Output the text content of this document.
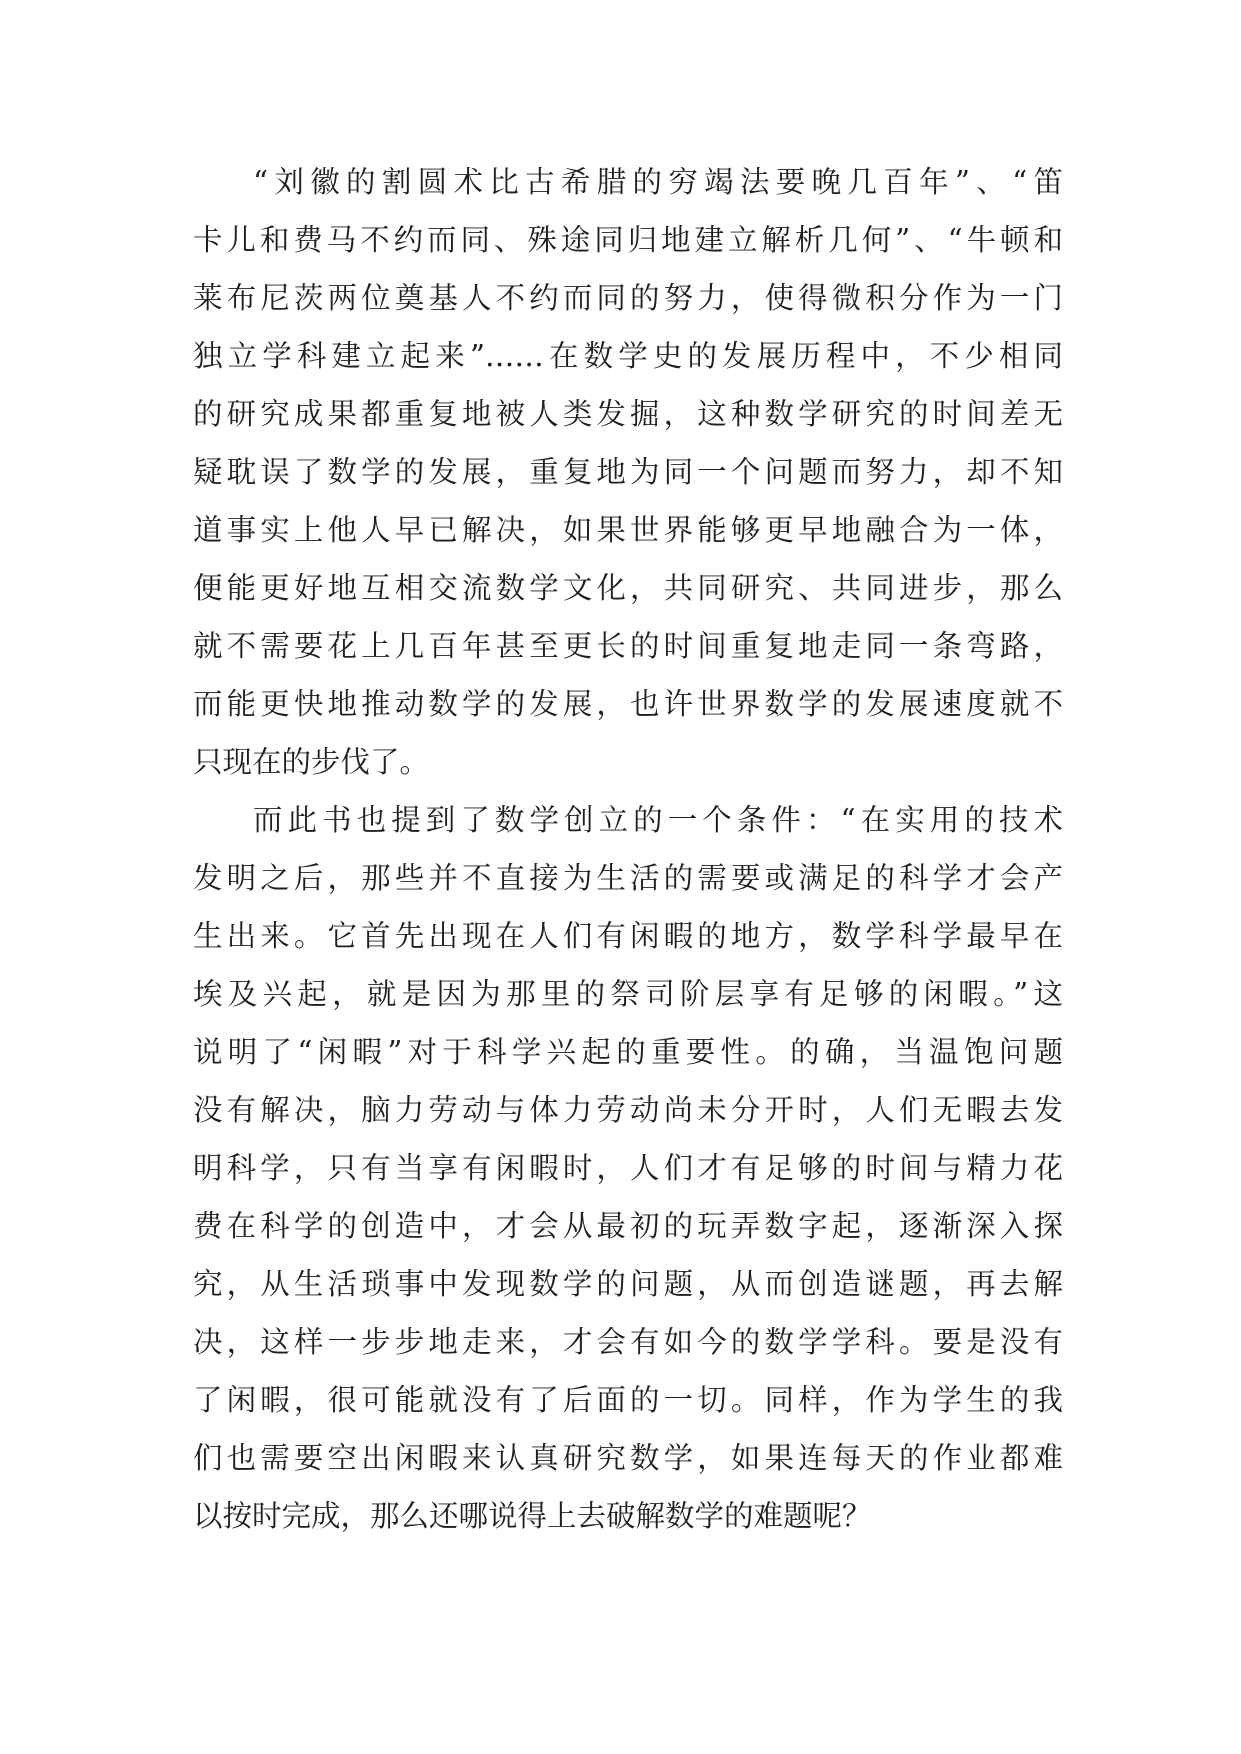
“刘徽的割圆术比古希腊的穷竭法要晚几百年”、“笛
卡儿和费马不约而同、殊途同归地建立解析几何”、“牛顿和
莱布尼茨两位奠基人不约而同的努力，使得微积分作为一门
独立学科建立起来”……在数学史的发展历程中，不少相同
的研究成果都重复地被人类发掘，这种数学研究的时间差无
疑耽误了数学的发展，重复地为同一个问题而努力，却不知
道事实上他人早已解决，如果世界能够更早地融合为一体，
便能更好地互相交流数学文化，共同研究、共同进步，那么
就不需要花上几百年甚至更长的时间重复地走同一条弯路，
而能更快地推动数学的发展，也许世界数学的发展速度就不
只现在的步伐了。
而此书也提到了数学创立的一个条件：“在实用的技术
发明之后，那些并不直接为生活的需要或满足的科学才会产
生出来。它首先出现在人们有闲暇的地方，数学科学最早在
埃及兴起，就是因为那里的祭司阶层享有足够的闲暇。”这
说明了“闲暇”对于科学兴起的重要性。的确，当温饱问题
没有解决，脑力劳动与体力劳动尚未分开时，人们无暇去发
明科学，只有当享有闲暇时，人们才有足够的时间与精力花
费在科学的创造中，才会从最初的玩弄数字起，逐渐深入探
究，从生活琐事中发现数学的问题，从而创造谜题，再去解
决，这样一步步地走来，才会有如今的数学学科。要是没有
了闲暇，很可能就没有了后面的一切。同样，作为学生的我
们也需要空出闲暇来认真研究数学，如果连每天的作业都难
以按时完成，那么还哪说得上去破解数学的难题呢？
